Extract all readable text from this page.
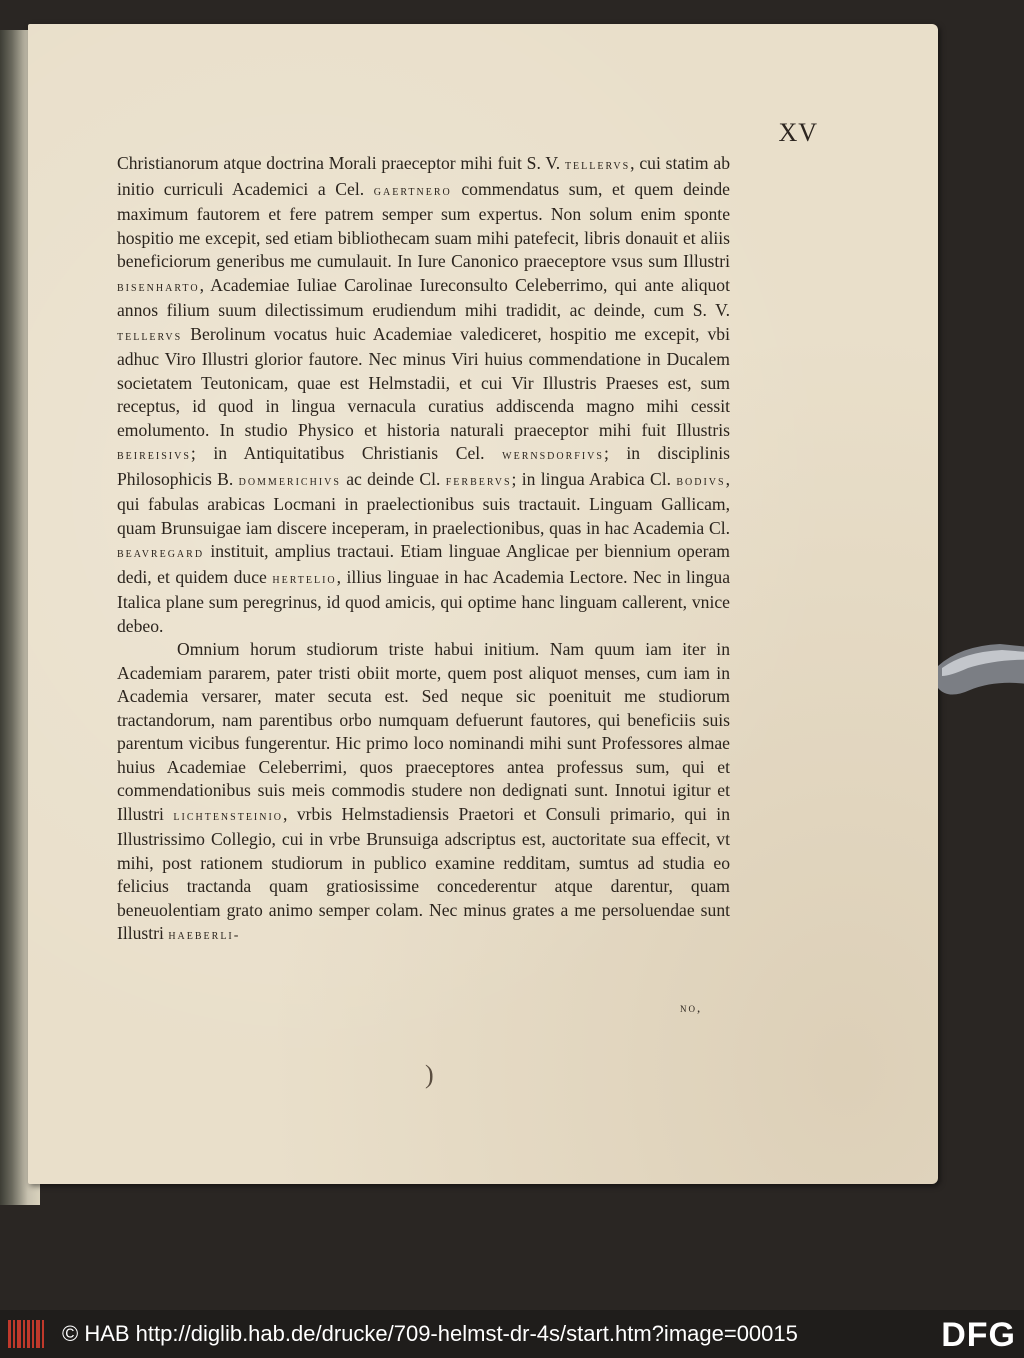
XV

Christianorum atque doctrina Morali praeceptor mihi fuit S. V. tellervs, cui statim ab initio curriculi Academici a Cel. gaertnero commendatus sum, et quem deinde maximum fautorem et fere patrem semper sum expertus. Non solum enim sponte hospitio me excepit, sed etiam bibliothecam suam mihi patefecit, libris donauit et aliis beneficiorum generibus me cumulauit. In Iure Canonico praeceptore vsus sum Illustri bisenharto, Academiae Iuliae Carolinae Iureconsulto Celeberrimo, qui ante aliquot annos filium suum dilectissimum erudiendum mihi tradidit, ac deinde, cum S. V. tellervs Berolinum vocatus huic Academiae valediceret, hospitio me excepit, vbi adhuc Viro Illustri glorior fautore. Nec minus Viri huius commendatione in Ducalem societatem Teutonicam, quae est Helmstadii, et cui Vir Illustris Praeses est, sum receptus, id quod in lingua vernacula curatius addiscenda magno mihi cessit emolumento. In studio Physico et historia naturali praeceptor mihi fuit Illustris beireisivs; in Antiquitatibus Christianis Cel. wernsdorfivs; in disciplinis Philosophicis B. dommerichivs ac deinde Cl. ferbervs; in lingua Arabica Cl. bodivs, qui fabulas arabicas Locmani in praelectionibus suis tractauit. Linguam Gallicam, quam Brunsuigae iam discere inceperam, in praelectionibus, quas in hac Academia Cl. beavregard instituit, amplius tractaui. Etiam linguae Anglicae per biennium operam dedi, et quidem duce hertelio, illius linguae in hac Academia Lectore. Nec in lingua Italica plane sum peregrinus, id quod amicis, qui optime hanc linguam callerent, vnice debeo.

Omnium horum studiorum triste habui initium. Nam quum iam iter in Academiam pararem, pater tristi obiit morte, quem post aliquot menses, cum iam in Academia versarer, mater secuta est. Sed neque sic poenituit me studiorum tractandorum, nam parentibus orbo numquam defuerunt fautores, qui beneficiis suis parentum vicibus fungerentur. Hic primo loco nominandi mihi sunt Professores almae huius Academiae Celeberrimi, quos praeceptores antea professus sum, qui et commendationibus suis meis commodis studere non dedignati sunt. Innotui igitur et Illustri lichtensteinio, vrbis Helmstadiensis Praetori et Consuli primario, qui in Illustrissimo Collegio, cui in vrbe Brunsuiga adscriptus est, auctoritate sua effecit, vt mihi, post rationem studiorum in publico examine redditam, sumtus ad studia eo felicius tractanda quam gratiosissime concederentur atque darentur, quam beneuolentiam grato animo semper colam. Nec minus grates a me persoluendae sunt Illustri haeberli-

no,
)
© HAB http://diglib.hab.de/drucke/709-helmst-dr-4s/start.htm?image=00015	DFG
